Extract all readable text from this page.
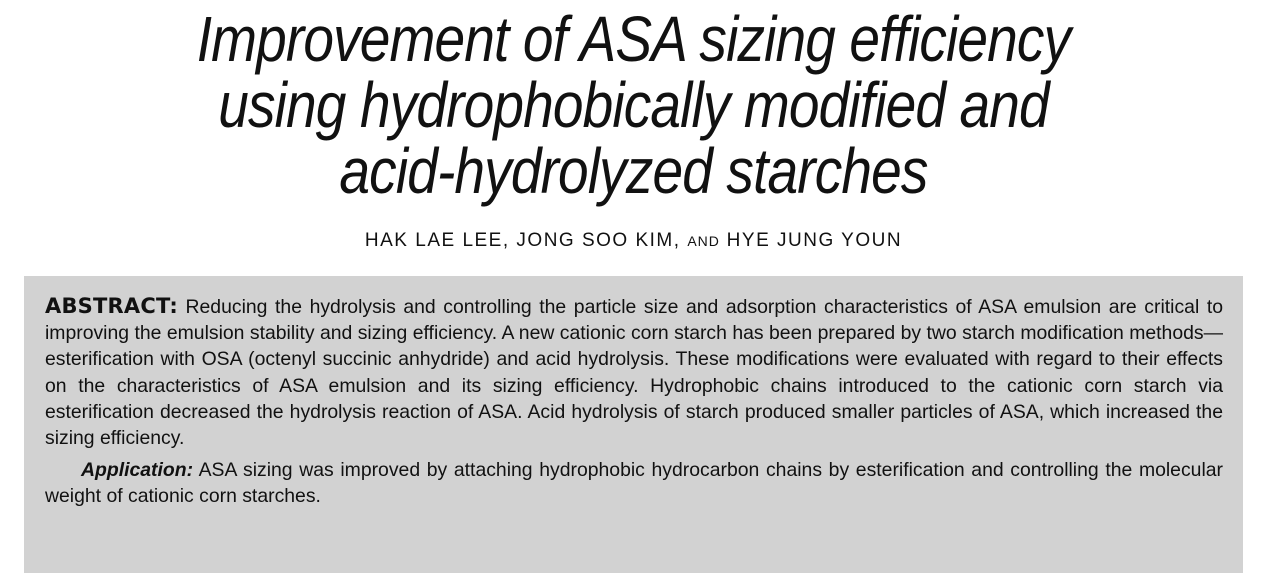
Improvement of ASA sizing efficiency
using hydrophobically modified and
acid-hydrolyzed starches
HAK LAE LEE, JONG SOO KIM, AND HYE JUNG YOUN

ABSTRACT: Reducing the hydrolysis and controlling the particle size and adsorption characteristics of ASA emulsion are critical to improving the emulsion stability and sizing efficiency. A new cationic corn starch has been prepared by two starch modification methods—esterification with OSA (octenyl succinic anhydride) and acid hydrolysis. These modifications were evaluated with regard to their effects on the characteristics of ASA emulsion and its sizing efficiency. Hydrophobic chains introduced to the cationic corn starch via esterification decreased the hydrolysis reaction of ASA. Acid hydrolysis of starch produced smaller particles of ASA, which increased the sizing efficiency.

Application: ASA sizing was improved by attaching hydrophobic hydrocarbon chains by esterification and controlling the molecular weight of cationic corn starches.
